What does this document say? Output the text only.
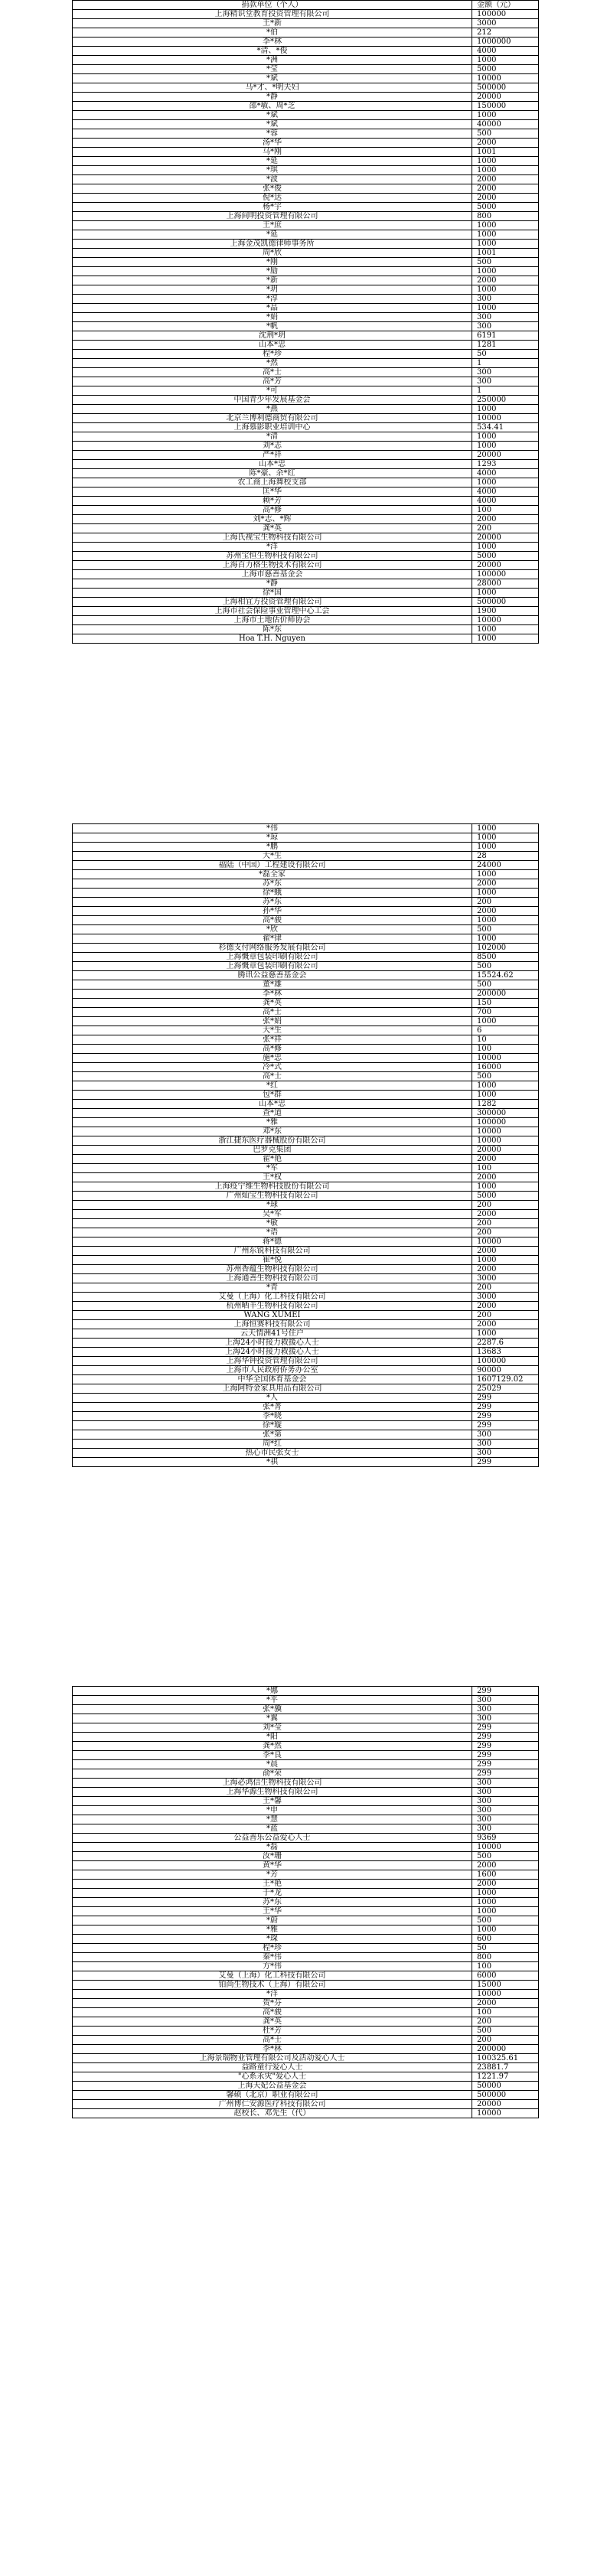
捐款单位（个人）	金额（元）
上海精识堂教育投资管理有限公司	100000
王*新	3000
*伯	212
李*林	1000000
*清、*俊	4000
*洲	1000
*莹	5000
*斌	10000
马*才、*明夫妇	500000
*静	20000
邵*敏、周*芝	150000
*斌	1000
*斌	40000
*蓉	500
汤*华	2000
马*刚	1001
*延	1000
*琪	1000
*波	2000
张*俊	2000
倪*达	2000
杨*宇	5000
上海间明投资管理有限公司	800
王*庶	1000
*延	1000
上海金茂凯德律师事务所	1000
周*欣	1001
*刚	500
*励	1000
*新	2000
*玥	1000
*淳	300
*晶	1000
*娟	300
*帆	300
沈荆*玥	6191
山本*忠	1281
程*珍	50
*然	1
高*士	300
高*芳	300
*可	1
中国青少年发展基金会	250000
*燕	1000
北京兰博利德商贸有限公司	10000
上海慕影职业培训中心	534.41
*清	1000
刘*志	1000
严*祥	20000
山本*忠	1293
陈*豪、余*红	4000
农工商上海舞校支部	1000
匡*华	4000
赖*芳	4000
高*修	100
刘*志、*辉	2000
龚*英	200
上海氏视宝生物科技有限公司	20000
*洋	1000
苏州宝恒生物科技有限公司	5000
上海百力格生物技术有限公司	20000
上海市慈善基金会	100000
*静	28000
徐*国	1000
上海相宜方投资管理有限公司	500000
上海市社会保险事业管理中心工会	1900
上海市土地估价师协会	10000
陈*东	1000
Hoa T.H. Nguyen	1000
*伟	1000
*琼	1000
*鹏	1000
大*生	28
福陆（中国）工程建设有限公司	24000
*磊全家	1000
苏*东	2000
徐*蛾	1000
苏*东	200
孙*华	2000
高*骏	1000
*欣	500
翟*律	1000
杉德支付网络服务发展有限公司	102000
上海慨章包装印刷有限公司	8500
上海慨章包装印刷有限公司	500
腾讯公益慈善基金会	15524.62
董*雄	500
李*林	200000
龚*英	150
高*士	700
张*娟	1000
大*生	6
张*祥	10
高*修	100
施*忠	10000
冷*式	16000
高*士	500
*红	1000
包*群	1000
山本*忠	1282
查*道	300000
*雅	100000
邓*东	10000
浙江捷东医疗器械股份有限公司	10000
巴罗克集团	20000
翟*艳	2000
*军	100
王*权	2000
上海疫宁维生物科技股份有限公司	1000
广州灿宝生物科技有限公司	5000
*球	200
吴*军	2000
*敏	200
*语	200
蒋*德	10000
广州东锐科技有限公司	2000
崔*悦	1000
苏州香蕴生物科技有限公司	2000
上海通善生物科技有限公司	3000
*青	200
艾曼（上海）化工科技有限公司	3000
杭州晒羊生物科技有限公司	2000
WANG XUMEI	200
上海恒赛科技有限公司	2000
云天情洲41号住户	1000
上海24小时接力救援心人士	2287.6
上海24小时接力救援心人士	13683
上海华钟投资管理有限公司	100000
上海市人民政府侨务办公室	90000
中华全国体育基金会	1607129.02
上海阿特金家具用品有限公司	25029
*人	299
张*菁	299
李*晓	299
徐*璇	299
张*第	300
周*红	300
热心市民张女士	300
*祺	299
*娜	299
*平	300
张*骥	300
*翼	300
刘*莹	299
*阳	299
龚*然	299
李*良	299
*晨	299
俞*荣	299
上海必鸿信生物科技有限公司	300
上海华源生物科技有限公司	300
王*馨	300
*申	300
*慧	300
*蓝	300
公益善乐公益爱心人士	9369
*磊	10000
汝*珊	500
黄*华	2000
*芳	1600
王*艳	2000
于*龙	1000
苏*东	1000
王*华	1000
*蔚	500
*雅	1000
*琛	600
程*珍	50
秦*伟	800
方*伟	100
艾曼（上海）化工科技有限公司	6000
铂尚生物技术（上海）有限公司	15000
*洋	10000
贺*芬	2000
高*骏	100
龚*英	200
杜*芳	500
高*士	200
李*林	200000
上海景瑞物业管理有限公司及活动爱心人士	100325.61
益路童行爱心人士	23881.7
"心系永灾"爱心人士	1221.97
上海天妃公益基金会	50000
馨硕（北京）职业有限公司	500000
广州博仁安源医疗科技有限公司	20000
赵校长、邓先生（代）	10000
